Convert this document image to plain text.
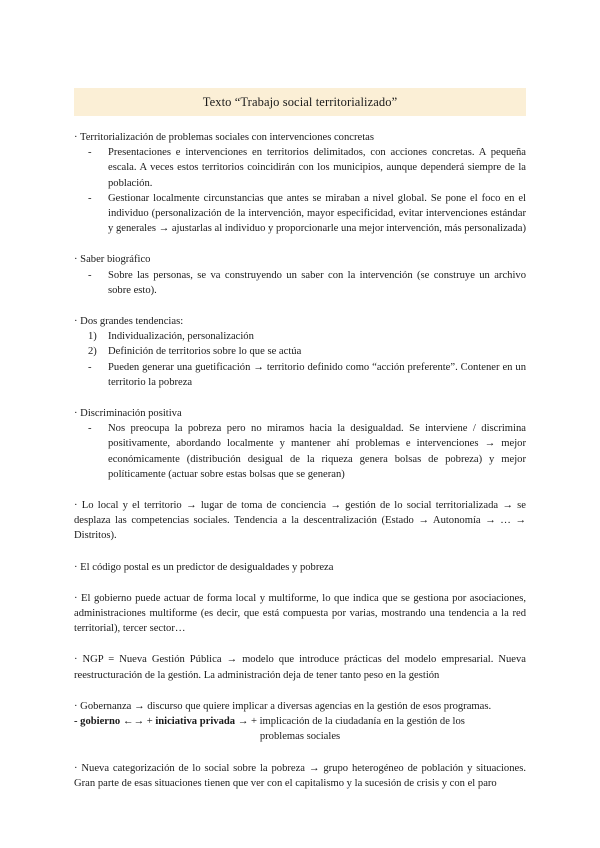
Texto “Trabajo social territorializado”

· Territorialización de problemas sociales con intervenciones concretas

- Presentaciones e intervenciones en territorios delimitados, con acciones concretas. A pequeña escala. A veces estos territorios coincidirán con los municipios, aunque dependerá siempre de la población.
- Gestionar localmente circunstancias que antes se miraban a nivel global. Se pone el foco en el individuo (personalización de la intervención, mayor especificidad, evitar intervenciones estándar y generales → ajustarlas al individuo y proporcionarle una mejor intervención, más personalizada)

· Saber biográfico

- Sobre las personas, se va construyendo un saber con la intervención (se construye un archivo sobre esto).

· Dos grandes tendencias:

1) Individualización, personalización
2) Definición de territorios sobre lo que se actúa
- Pueden generar una guetificación → territorio definido como “acción preferente”. Contener en un territorio la pobreza

· Discriminación positiva

- Nos preocupa la pobreza pero no miramos hacia la desigualdad. Se interviene / discrimina positivamente, abordando localmente y mantener ahí problemas e intervenciones → mejor económicamente (distribución desigual de la riqueza genera bolsas de pobreza) y mejor políticamente (actuar sobre estas bolsas que se generan)

· Lo local y el territorio → lugar de toma de conciencia → gestión de lo social territorializada → se desplaza las competencias sociales. Tendencia a la descentralización (Estado → Autonomía → … → Distritos).

· El código postal es un predictor de desigualdades y pobreza

· El gobierno puede actuar de forma local y multiforme, lo que indica que se gestiona por asociaciones, administraciones multiforme (es decir, que está compuesta por varias, mostrando una tendencia a la red territorial), tercer sector…

· NGP = Nueva Gestión Pública → modelo que introduce prácticas del modelo empresarial. Nueva reestructuración de la gestión. La administración deja de tener tanto peso en la gestión

· Gobernanza → discurso que quiere implicar a diversas agencias en la gestión de esos programas.

- gobierno ←→ + iniciativa privada → + implicación de la ciudadanía en la gestión de los

problemas sociales

· Nueva categorización de lo social sobre la pobreza → grupo heterogéneo de población y situaciones. Gran parte de esas situaciones tienen que ver con el capitalismo y la sucesión de crisis y con el paro
